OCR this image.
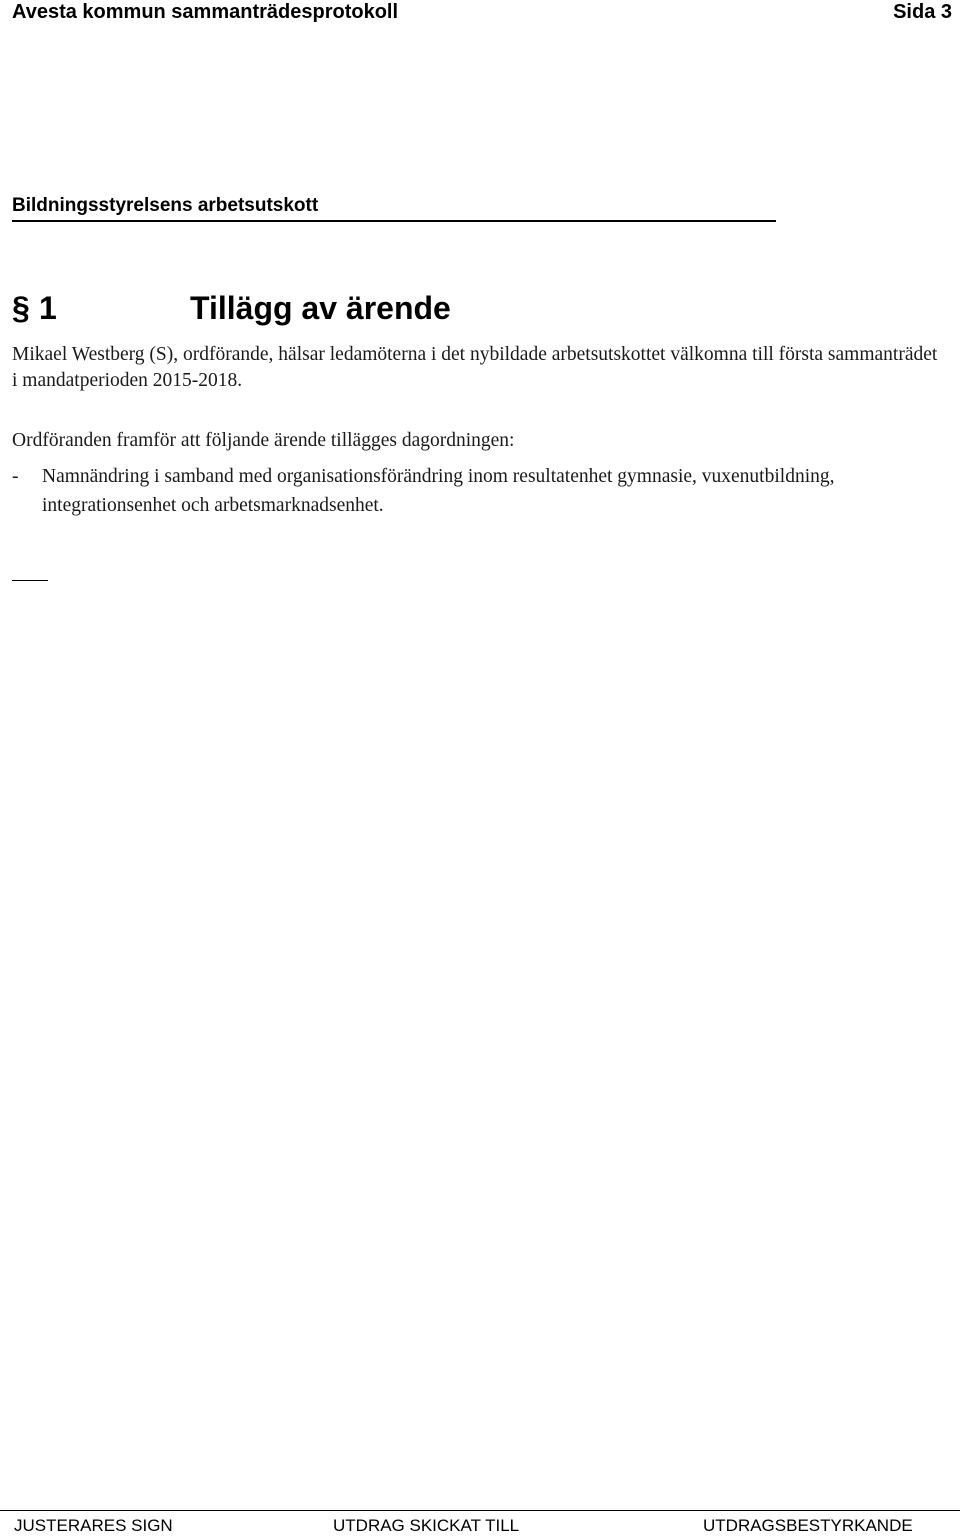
Avesta kommun sammanträdesprotokoll	Sida 3
Bildningsstyrelsens arbetsutskott
§ 1	Tillägg av ärende
Mikael Westberg (S), ordförande, hälsar ledamöterna i det nybildade arbetsutskottet välkomna till första sammanträdet i mandatperioden 2015-2018.
Ordföranden framför att följande ärende tillägges dagordningen:
- Namnändring i samband med organisationsförändring inom resultatenhet gymnasie, vuxenutbildning, integrationsenhet och arbetsmarknadsenhet.
JUSTERARES SIGN	UTDRAG SKICKAT TILL	UTDRAGSBESTYRKANDE
